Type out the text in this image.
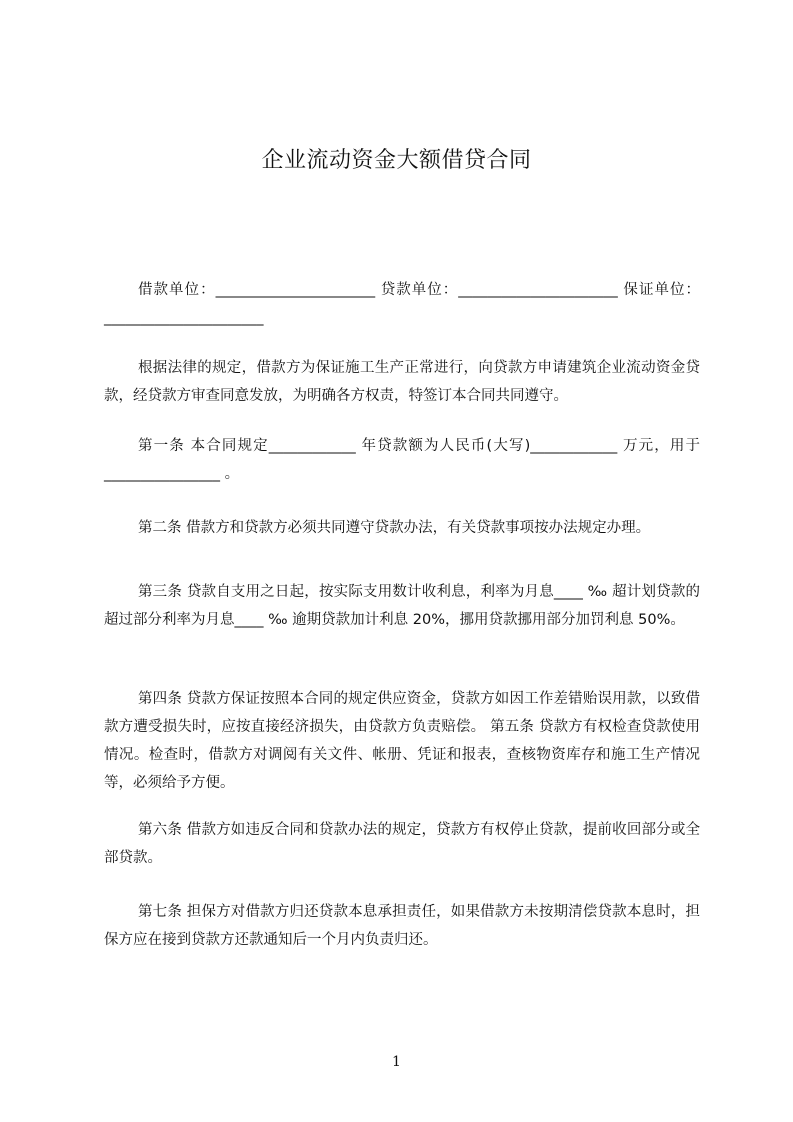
企业流动资金大额借贷合同

借款单位：______________________ 贷款单位：______________________ 保证单位：______________________

根据法律的规定，借款方为保证施工生产正常进行，向贷款方申请建筑企业流动资金贷款，经贷款方审查同意发放，为明确各方权责，特签订本合同共同遵守。

第一条 本合同规定____________ 年贷款额为人民币(大写)____________ 万元，用于________________ 。

第二条 借款方和贷款方必须共同遵守贷款办法，有关贷款事项按办法规定办理。

第三条 贷款自支用之日起，按实际支用数计收利息，利率为月息____ ‰ 超计划贷款的超过部分利率为月息____ ‰ 逾期贷款加计利息 20%，挪用贷款挪用部分加罚利息 50%。

第四条 贷款方保证按照本合同的规定供应资金，贷款方如因工作差错贻误用款，以致借款方遭受损失时，应按直接经济损失，由贷款方负责赔偿。 第五条 贷款方有权检查贷款使用情况。检查时，借款方对调阅有关文件、帐册、凭证和报表，查核物资库存和施工生产情况等，必须给予方便。

第六条 借款方如违反合同和贷款办法的规定，贷款方有权停止贷款，提前收回部分或全部贷款。

第七条 担保方对借款方归还贷款本息承担责任，如果借款方未按期清偿贷款本息时，担保方应在接到贷款方还款通知后一个月内负责归还。

1
